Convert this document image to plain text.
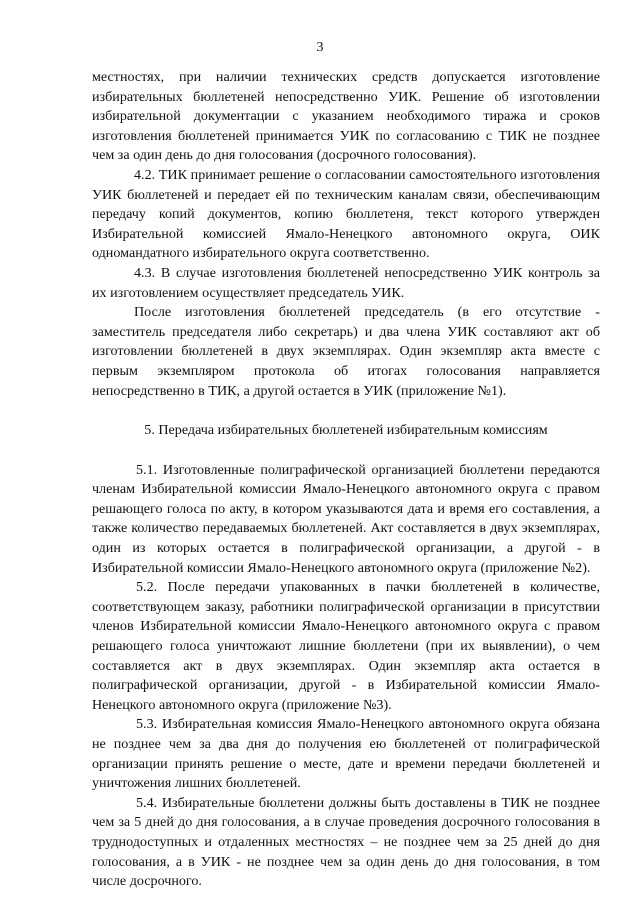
3

местностях, при наличии технических средств допускается изготовление избирательных бюллетеней непосредственно УИК. Решение об изготовлении избирательной документации с указанием необходимого тиража и сроков изготовления бюллетеней принимается УИК по согласованию с ТИК не позднее чем за один день до дня голосования (досрочного голосования).

4.2. ТИК принимает решение о согласовании самостоятельного изготовления УИК бюллетеней и передает ей по техническим каналам связи, обеспечивающим передачу копий документов, копию бюллетеня, текст которого утвержден Избирательной комиссией Ямало-Ненецкого автономного округа, ОИК одномандатного избирательного округа соответственно.

4.3. В случае изготовления бюллетеней непосредственно УИК контроль за их изготовлением осуществляет председатель УИК.

После изготовления бюллетеней председатель (в его отсутствие - заместитель председателя либо секретарь) и два члена УИК составляют акт об изготовлении бюллетеней в двух экземплярах. Один экземпляр акта вместе с первым экземпляром протокола об итогах голосования направляется непосредственно в ТИК, а другой остается в УИК (приложение №1).

5. Передача избирательных бюллетеней избирательным комиссиям

5.1. Изготовленные полиграфической организацией бюллетени передаются членам Избирательной комиссии Ямало-Ненецкого автономного округа с правом решающего голоса по акту, в котором указываются дата и время его составления, а также количество передаваемых бюллетеней. Акт составляется в двух экземплярах, один из которых остается в полиграфической организации, а другой - в Избирательной комиссии Ямало-Ненецкого автономного округа (приложение №2).

5.2. После передачи упакованных в пачки бюллетеней в количестве, соответствующем заказу, работники полиграфической организации в присутствии членов Избирательной комиссии Ямало-Ненецкого автономного округа с правом решающего голоса уничтожают лишние бюллетени (при их выявлении), о чем составляется акт в двух экземплярах. Один экземпляр акта остается в полиграфической организации, другой - в Избирательной комиссии Ямало-Ненецкого автономного округа (приложение №3).

5.3. Избирательная комиссия Ямало-Ненецкого автономного округа обязана не позднее чем за два дня до получения ею бюллетеней от полиграфической организации принять решение о месте, дате и времени передачи бюллетеней и уничтожения лишних бюллетеней.

5.4. Избирательные бюллетени должны быть доставлены в ТИК не позднее чем за 5 дней до дня голосования, а в случае проведения досрочного голосования в труднодоступных и отдаленных местностях – не позднее чем за 25 дней до дня голосования, а в УИК - не позднее чем за один день до дня голосования, в том числе досрочного.
